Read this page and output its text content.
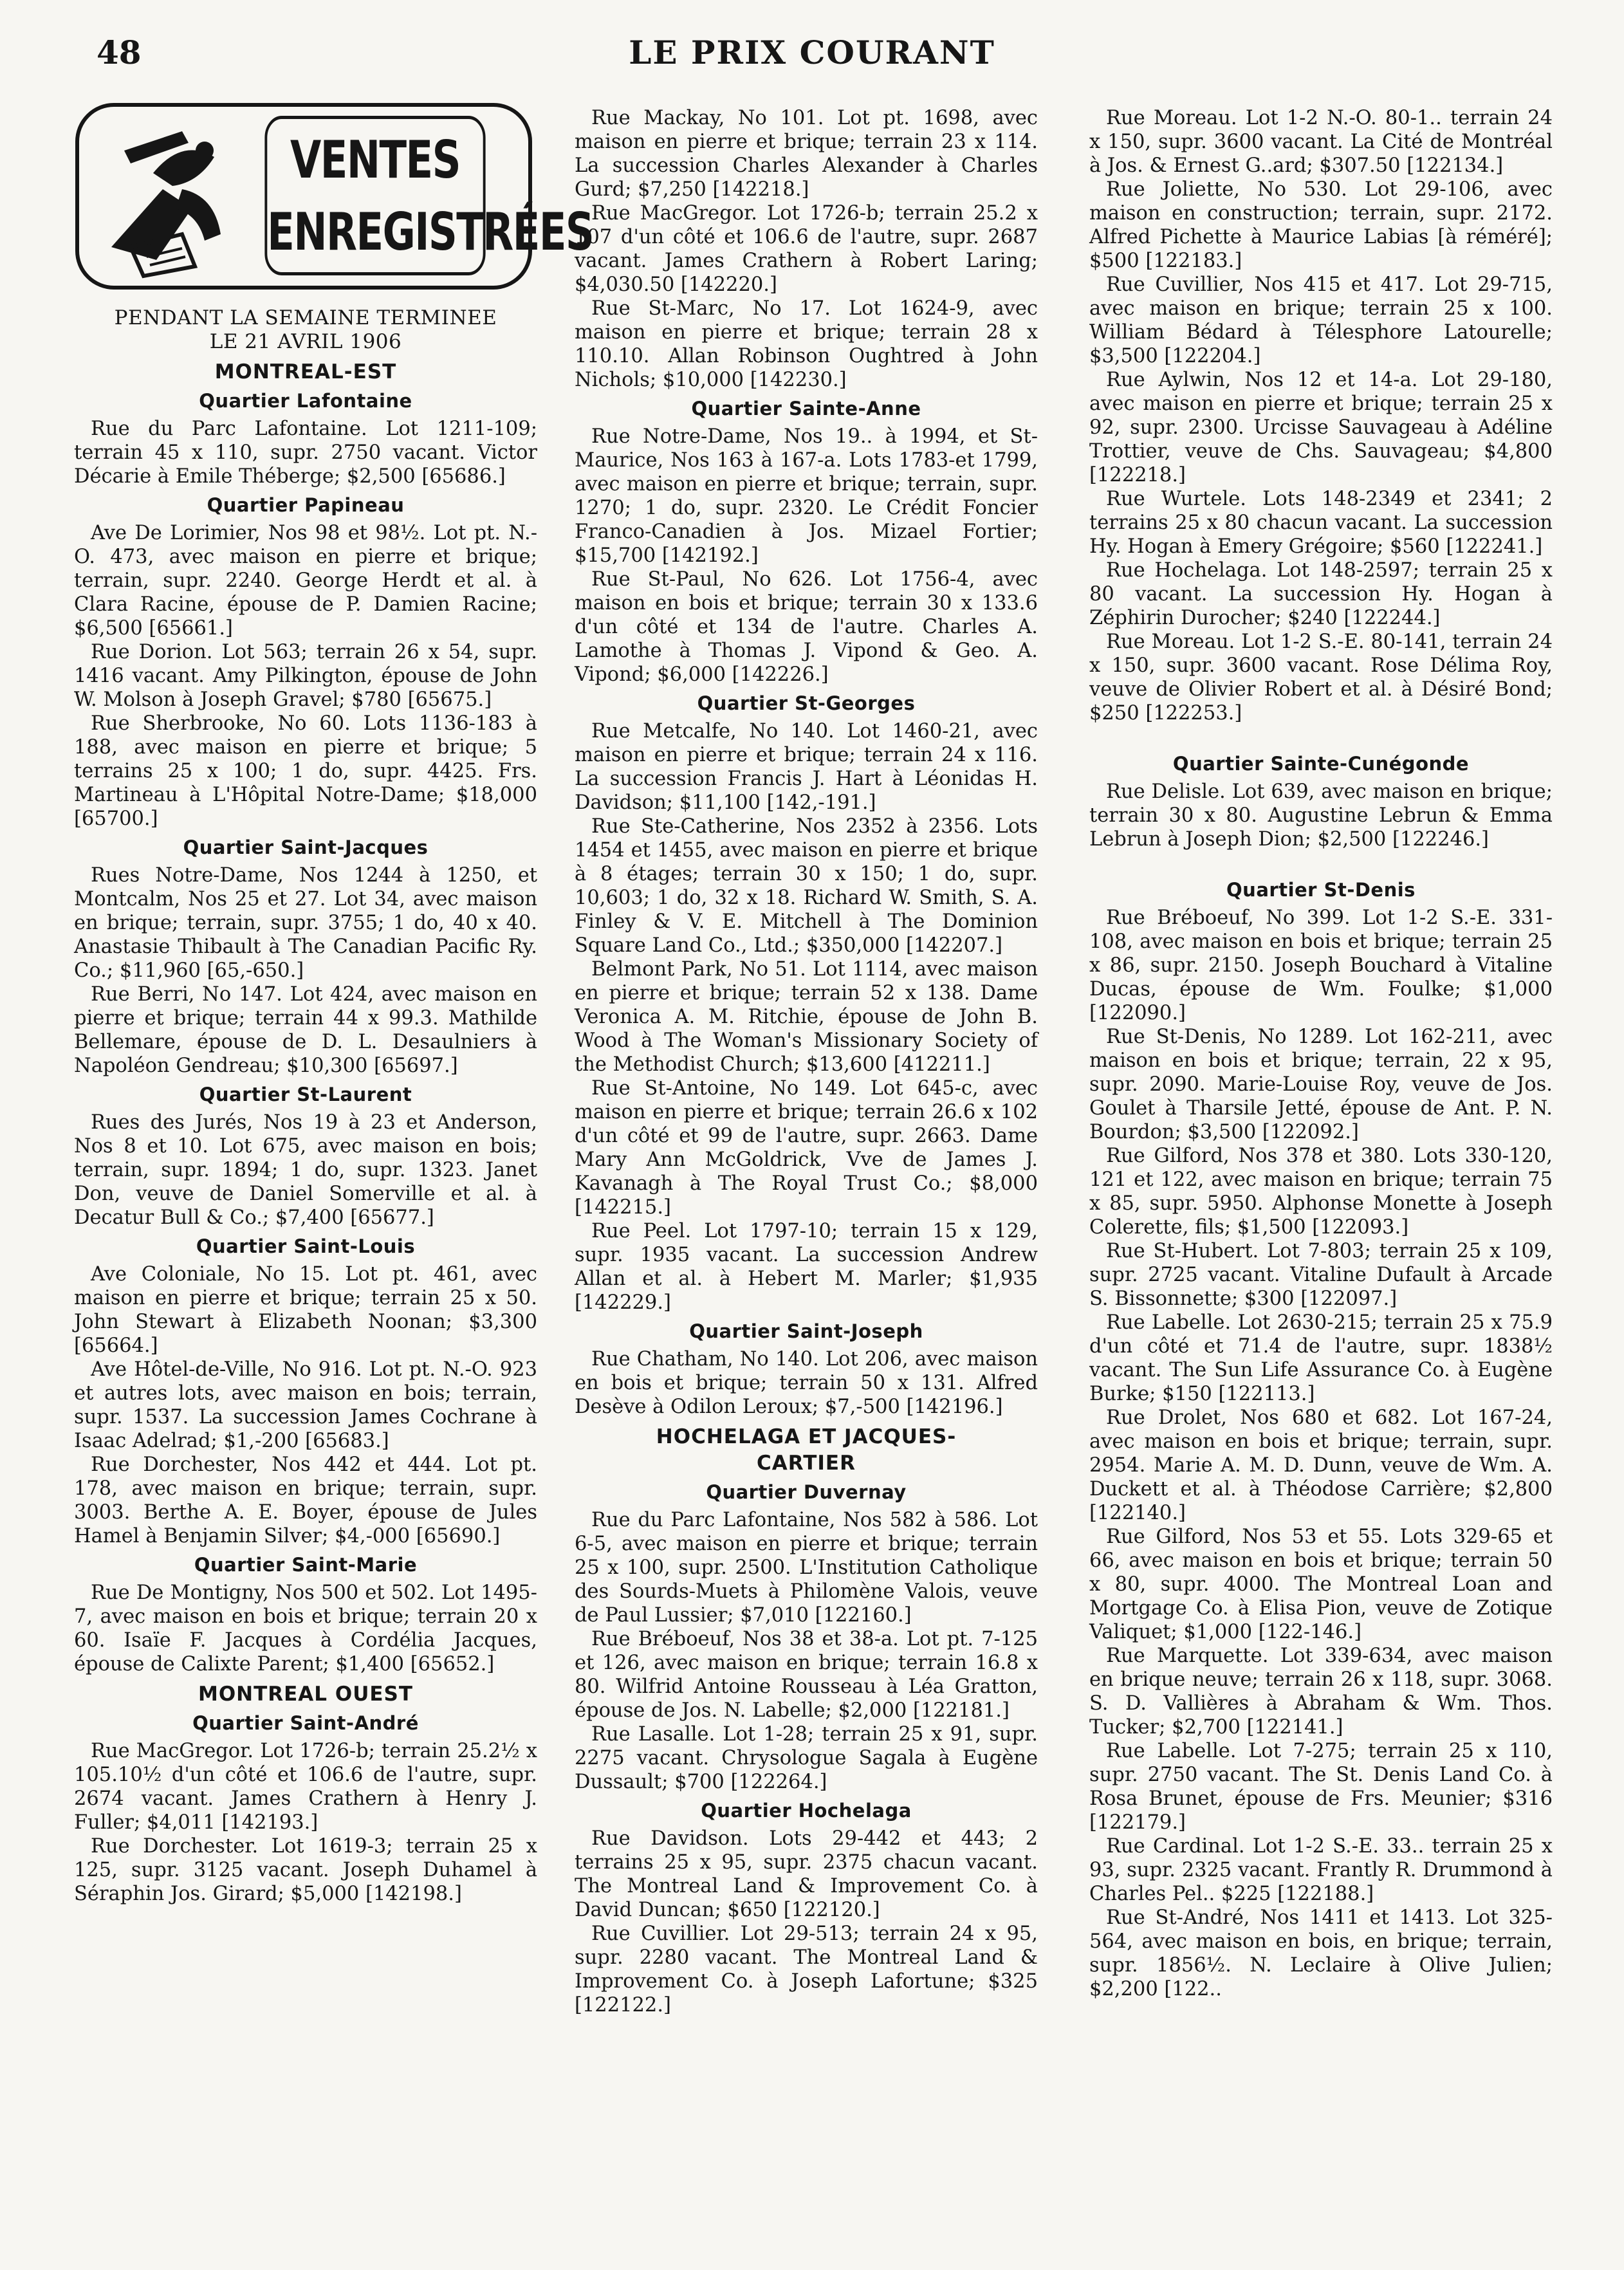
48	LE PRIX COURANT
VENTES
ENREGISTRÉES

PENDANT LA SEMAINE TERMINEE

LE 21 AVRIL 1906

MONTREAL-EST
Quartier Lafontaine

Rue du Parc Lafontaine. Lot 1211-109; terrain 45 x 110, supr. 2750 vacant. Victor Décarie à Emile Théberge; $2,500 [65686.]

Quartier Papineau

Ave De Lorimier, Nos 98 et 98½. Lot pt. N.-O. 473, avec maison en pierre et brique; terrain, supr. 2240. George Herdt et al. à Clara Racine, épouse de P. Damien Racine; $6,500 [65661.]

Rue Dorion. Lot 563; terrain 26 x 54, supr. 1416 vacant. Amy Pilkington, épouse de John W. Molson à Joseph Gravel; $780 [65675.]

Rue Sherbrooke, No 60. Lots 1136-183 à 188, avec maison en pierre et brique; 5 terrains 25 x 100; 1 do, supr. 4425. Frs. Martineau à L'Hôpital Notre-Dame; $18,000 [65700.]

Quartier Saint-Jacques

Rues Notre-Dame, Nos 1244 à 1250, et Montcalm, Nos 25 et 27. Lot 34, avec maison en brique; terrain, supr. 3755; 1 do, 40 x 40. Anastasie Thibault à The Canadian Pacific Ry. Co.; $11,960 [65,-650.]

Rue Berri, No 147. Lot 424, avec maison en pierre et brique; terrain 44 x 99.3. Mathilde Bellemare, épouse de D. L. Desaulniers à Napoléon Gendreau; $10,300 [65697.]

Quartier St-Laurent

Rues des Jurés, Nos 19 à 23 et Anderson, Nos 8 et 10. Lot 675, avec maison en bois; terrain, supr. 1894; 1 do, supr. 1323. Janet Don, veuve de Daniel Somerville et al. à Decatur Bull & Co.; $7,400 [65677.]

Quartier Saint-Louis

Ave Coloniale, No 15. Lot pt. 461, avec maison en pierre et brique; terrain 25 x 50. John Stewart à Elizabeth Noonan; $3,300 [65664.]

Ave Hôtel-de-Ville, No 916. Lot pt. N.-O. 923 et autres lots, avec maison en bois; terrain, supr. 1537. La succession James Cochrane à Isaac Adelrad; $1,-200 [65683.]

Rue Dorchester, Nos 442 et 444. Lot pt. 178, avec maison en brique; terrain, supr. 3003. Berthe A. E. Boyer, épouse de Jules Hamel à Benjamin Silver; $4,-000 [65690.]

Quartier Saint-Marie

Rue De Montigny, Nos 500 et 502. Lot 1495-7, avec maison en bois et brique; terrain 20 x 60. Isaïe F. Jacques à Cordélia Jacques, épouse de Calixte Parent; $1,400 [65652.]

MONTREAL OUEST
Quartier Saint-André

Rue MacGregor. Lot 1726-b; terrain 25.2½ x 105.10½ d'un côté et 106.6 de l'autre, supr. 2674 vacant. James Crathern à Henry J. Fuller; $4,011 [142193.]

Rue Dorchester. Lot 1619-3; terrain 25 x 125, supr. 3125 vacant. Joseph Duhamel à Séraphin Jos. Girard; $5,000 [142198.]

Rue Mackay, No 101. Lot pt. 1698, avec maison en pierre et brique; terrain 23 x 114. La succession Charles Alexander à Charles Gurd; $7,250 [142218.]

Rue MacGregor. Lot 1726-b; terrain 25.2 x 107 d'un côté et 106.6 de l'autre, supr. 2687 vacant. James Crathern à Robert Laring; $4,030.50 [142220.]

Rue St-Marc, No 17. Lot 1624-9, avec maison en pierre et brique; terrain 28 x 110.10. Allan Robinson Oughtred à John Nichols; $10,000 [142230.]

Quartier Sainte-Anne

Rue Notre-Dame, Nos 19.. à 1994, et St-Maurice, Nos 163 à 167-a. Lots 1783-et 1799, avec maison en pierre et brique; terrain, supr. 1270; 1 do, supr. 2320. Le Crédit Foncier Franco-Canadien à Jos. Mizael Fortier; $15,700 [142192.]

Rue St-Paul, No 626. Lot 1756-4, avec maison en bois et brique; terrain 30 x 133.6 d'un côté et 134 de l'autre. Charles A. Lamothe à Thomas J. Vipond & Geo. A. Vipond; $6,000 [142226.]

Quartier St-Georges

Rue Metcalfe, No 140. Lot 1460-21, avec maison en pierre et brique; terrain 24 x 116. La succession Francis J. Hart à Léonidas H. Davidson; $11,100 [142,-191.]

Rue Ste-Catherine, Nos 2352 à 2356. Lots 1454 et 1455, avec maison en pierre et brique à 8 étages; terrain 30 x 150; 1 do, supr. 10,603; 1 do, 32 x 18. Richard W. Smith, S. A. Finley & V. E. Mitchell à The Dominion Square Land Co., Ltd.; $350,000 [142207.]

Belmont Park, No 51. Lot 1114, avec maison en pierre et brique; terrain 52 x 138. Dame Veronica A. M. Ritchie, épouse de John B. Wood à The Woman's Missionary Society of the Methodist Church; $13,600 [412211.]

Rue St-Antoine, No 149. Lot 645-c, avec maison en pierre et brique; terrain 26.6 x 102 d'un côté et 99 de l'autre, supr. 2663. Dame Mary Ann McGoldrick, Vve de James J. Kavanagh à The Royal Trust Co.; $8,000 [142215.]

Rue Peel. Lot 1797-10; terrain 15 x 129, supr. 1935 vacant. La succession Andrew Allan et al. à Hebert M. Marler; $1,935 [142229.]

Quartier Saint-Joseph

Rue Chatham, No 140. Lot 206, avec maison en bois et brique; terrain 50 x 131. Alfred Desève à Odilon Leroux; $7,-500 [142196.]

HOCHELAGA ET JACQUES-
CARTIER
Quartier Duvernay

Rue du Parc Lafontaine, Nos 582 à 586. Lot 6-5, avec maison en pierre et brique; terrain 25 x 100, supr. 2500. L'Institution Catholique des Sourds-Muets à Philomène Valois, veuve de Paul Lussier; $7,010 [122160.]

Rue Bréboeuf, Nos 38 et 38-a. Lot pt. 7-125 et 126, avec maison en brique; terrain 16.8 x 80. Wilfrid Antoine Rousseau à Léa Gratton, épouse de Jos. N. Labelle; $2,000 [122181.]

Rue Lasalle. Lot 1-28; terrain 25 x 91, supr. 2275 vacant. Chrysologue Sagala à Eugène Dussault; $700 [122264.]

Quartier Hochelaga

Rue Davidson. Lots 29-442 et 443; 2 terrains 25 x 95, supr. 2375 chacun vacant. The Montreal Land & Improvement Co. à David Duncan; $650 [122120.]

Rue Cuvillier. Lot 29-513; terrain 24 x 95, supr. 2280 vacant. The Montreal Land & Improvement Co. à Joseph Lafortune; $325 [122122.]

Rue Moreau. Lot 1-2 N.-O. 80-1.. terrain 24 x 150, supr. 3600 vacant. La Cité de Montréal à Jos. & Ernest G..ard; $307.50 [122134.]

Rue Joliette, No 530. Lot 29-106, avec maison en construction; terrain, supr. 2172. Alfred Pichette à Maurice Labias [à réméré]; $500 [122183.]

Rue Cuvillier, Nos 415 et 417. Lot 29-715, avec maison en brique; terrain 25 x 100. William Bédard à Télesphore Latourelle; $3,500 [122204.]

Rue Aylwin, Nos 12 et 14-a. Lot 29-180, avec maison en pierre et brique; terrain 25 x 92, supr. 2300. Urcisse Sauvageau à Adéline Trottier, veuve de Chs. Sauvageau; $4,800 [122218.]

Rue Wurtele. Lots 148-2349 et 2341; 2 terrains 25 x 80 chacun vacant. La succession Hy. Hogan à Emery Grégoire; $560 [122241.]

Rue Hochelaga. Lot 148-2597; terrain 25 x 80 vacant. La succession Hy. Hogan à Zéphirin Durocher; $240 [122244.]

Rue Moreau. Lot 1-2 S.-E. 80-141, terrain 24 x 150, supr. 3600 vacant. Rose Délima Roy, veuve de Olivier Robert et al. à Désiré Bond; $250 [122253.]

Quartier Sainte-Cunégonde

Rue Delisle. Lot 639, avec maison en brique; terrain 30 x 80. Augustine Lebrun & Emma Lebrun à Joseph Dion; $2,500 [122246.]

Quartier St-Denis

Rue Bréboeuf, No 399. Lot 1-2 S.-E. 331-108, avec maison en bois et brique; terrain 25 x 86, supr. 2150. Joseph Bouchard à Vitaline Ducas, épouse de Wm. Foulke; $1,000 [122090.]

Rue St-Denis, No 1289. Lot 162-211, avec maison en bois et brique; terrain, 22 x 95, supr. 2090. Marie-Louise Roy, veuve de Jos. Goulet à Tharsile Jetté, épouse de Ant. P. N. Bourdon; $3,500 [122092.]

Rue Gilford, Nos 378 et 380. Lots 330-120, 121 et 122, avec maison en brique; terrain 75 x 85, supr. 5950. Alphonse Monette à Joseph Colerette, fils; $1,500 [122093.]

Rue St-Hubert. Lot 7-803; terrain 25 x 109, supr. 2725 vacant. Vitaline Dufault à Arcade S. Bissonnette; $300 [122097.]

Rue Labelle. Lot 2630-215; terrain 25 x 75.9 d'un côté et 71.4 de l'autre, supr. 1838½ vacant. The Sun Life Assurance Co. à Eugène Burke; $150 [122113.]

Rue Drolet, Nos 680 et 682. Lot 167-24, avec maison en bois et brique; terrain, supr. 2954. Marie A. M. D. Dunn, veuve de Wm. A. Duckett et al. à Théodose Carrière; $2,800 [122140.]

Rue Gilford, Nos 53 et 55. Lots 329-65 et 66, avec maison en bois et brique; terrain 50 x 80, supr. 4000. The Montreal Loan and Mortgage Co. à Elisa Pion, veuve de Zotique Valiquet; $1,000 [122-146.]

Rue Marquette. Lot 339-634, avec maison en brique neuve; terrain 26 x 118, supr. 3068. S. D. Vallières à Abraham & Wm. Thos. Tucker; $2,700 [122141.]

Rue Labelle. Lot 7-275; terrain 25 x 110, supr. 2750 vacant. The St. Denis Land Co. à Rosa Brunet, épouse de Frs. Meunier; $316 [122179.]

Rue Cardinal. Lot 1-2 S.-E. 33.. terrain 25 x 93, supr. 2325 vacant. Frantly R. Drummond à Charles Pel.. $225 [122188.]

Rue St-André, Nos 1411 et 1413. Lot 325-564, avec maison en bois, en brique; terrain, supr. 1856½. N. Leclaire à Olive Julien; $2,200 [122..
